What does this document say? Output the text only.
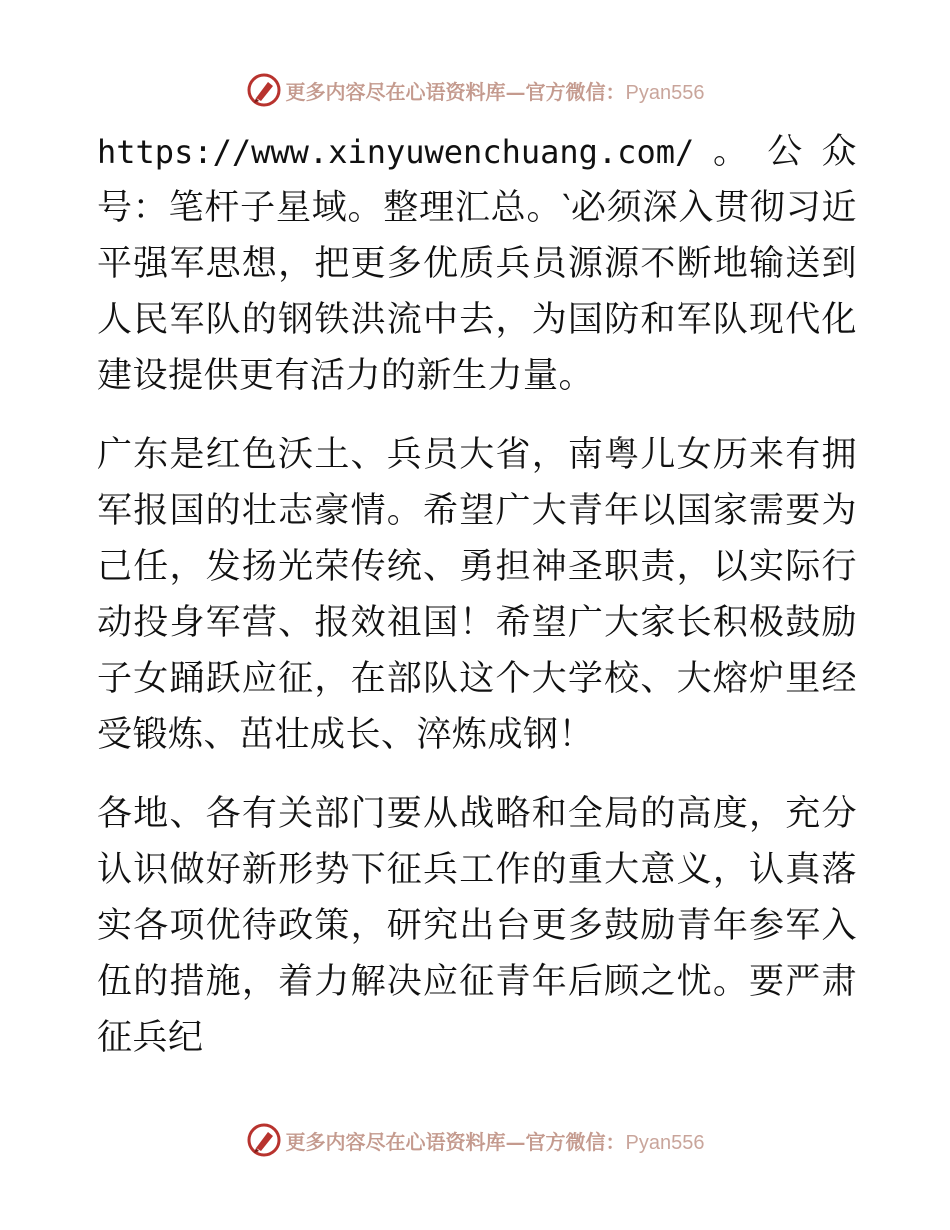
更多内容尽在心语资料库—官方微信：Pyan556

https://www.xinyuwenchuang.com/。公众号：笔杆子星域。整理汇总。‵必须深入贯彻习近平强军思想，把更多优质兵员源源不断地输送到人民军队的钢铁洪流中去，为国防和军队现代化建设提供更有活力的新生力量。

广东是红色沃土、兵员大省，南粤儿女历来有拥军报国的壮志豪情。希望广大青年以国家需要为己任，发扬光荣传统、勇担神圣职责，以实际行动投身军营、报效祖国！希望广大家长积极鼓励子女踊跃应征，在部队这个大学校、大熔炉里经受锻炼、茁壮成长、淬炼成钢！

各地、各有关部门要从战略和全局的高度，充分认识做好新形势下征兵工作的重大意义，认真落实各项优待政策，研究出台更多鼓励青年参军入伍的措施，着力解决应征青年后顾之忧。要严肃征兵纪

更多内容尽在心语资料库—官方微信：Pyan556
